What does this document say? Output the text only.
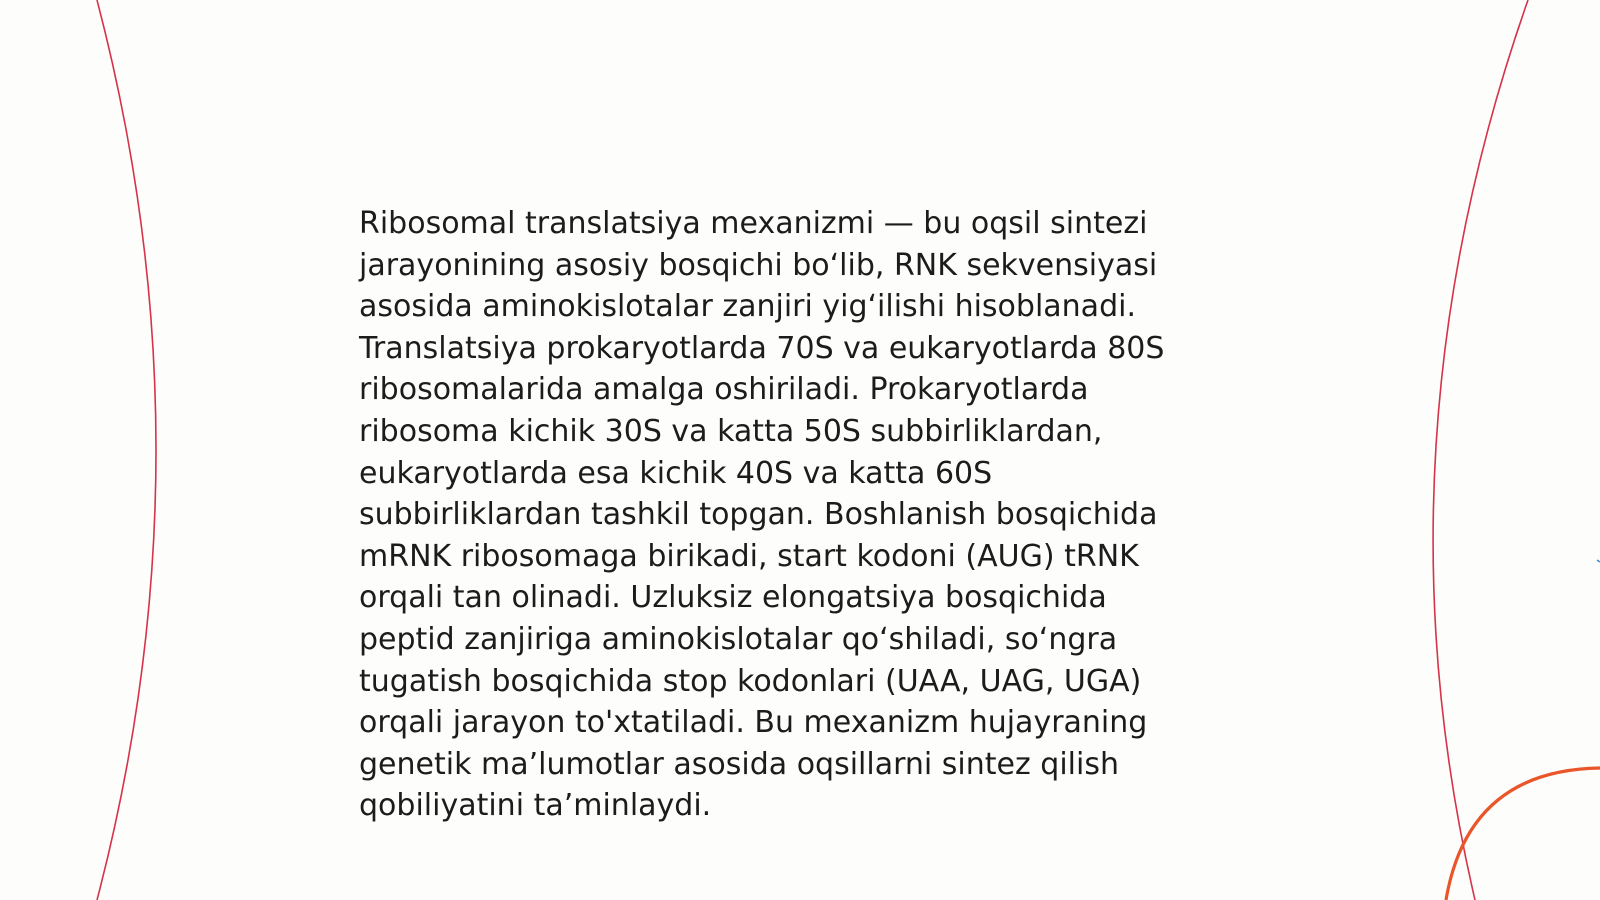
Ribosomal translatsiya mexanizmi — bu oqsil sintezi
jarayonining asosiy bosqichi bo‘lib, RNK sekvensiyasi
asosida aminokislotalar zanjiri yig‘ilishi hisoblanadi.
Translatsiya prokaryotlarda 70S va eukaryotlarda 80S
ribosomalarida amalga oshiriladi. Prokaryotlarda
ribosoma kichik 30S va katta 50S subbirliklardan,
eukaryotlarda esa kichik 40S va katta 60S
subbirliklardan tashkil topgan. Boshlanish bosqichida
mRNK ribosomaga birikadi, start kodoni (AUG) tRNK
orqali tan olinadi. Uzluksiz elongatsiya bosqichida
peptid zanjiriga aminokislotalar qo‘shiladi, so‘ngra
tugatish bosqichida stop kodonlari (UAA, UAG, UGA)
orqali jarayon to'xtatiladi. Bu mexanizm hujayraning
genetik ma’lumotlar asosida oqsillarni sintez qilish
qobiliyatini ta’minlaydi.
